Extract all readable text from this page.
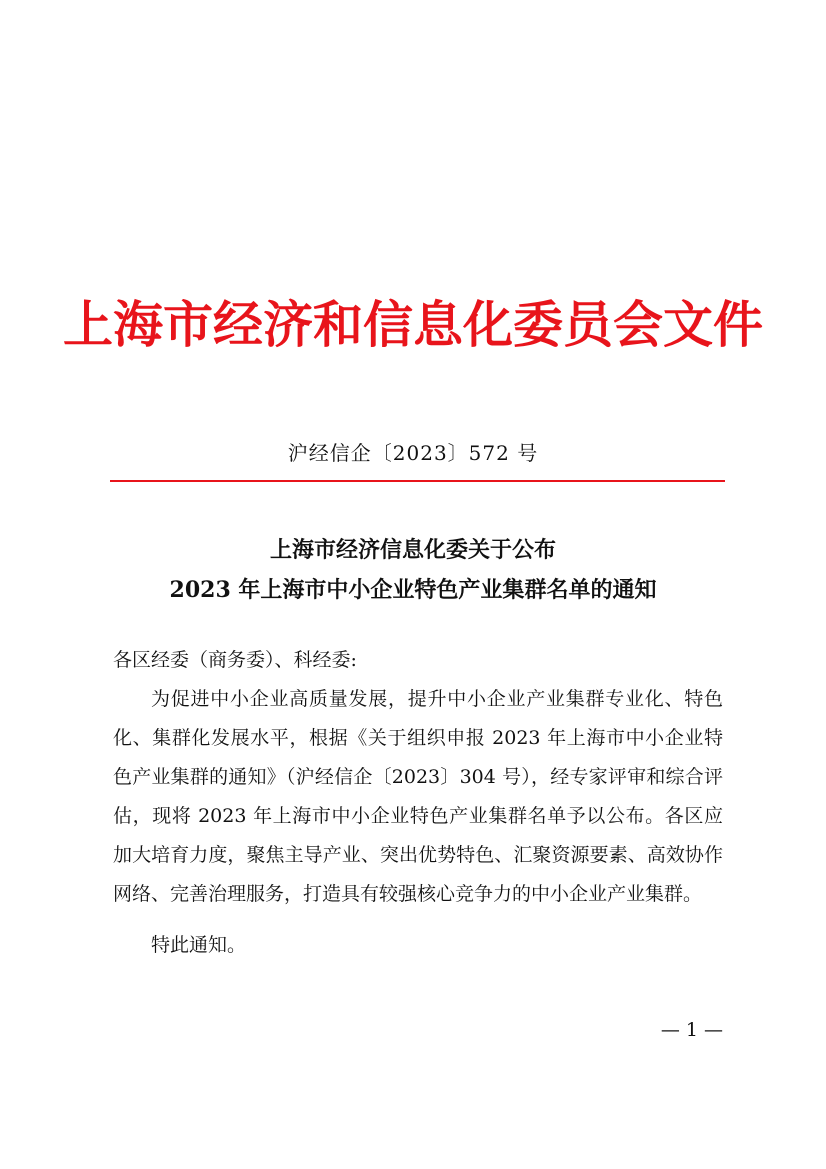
上海市经济和信息化委员会文件
沪经信企〔2023〕572 号
上海市经济信息化委关于公布
2023 年上海市中小企业特色产业集群名单的通知
各区经委（商务委）、科经委:
为促进中小企业高质量发展，提升中小企业产业集群专业化、特色化、集群化发展水平，根据《关于组织申报 2023 年上海市中小企业特色产业集群的通知》（沪经信企〔2023〕304 号），经专家评审和综合评估，现将 2023 年上海市中小企业特色产业集群名单予以公布。各区应加大培育力度，聚焦主导产业、突出优势特色、汇聚资源要素、高效协作网络、完善治理服务，打造具有较强核心竞争力的中小企业产业集群。
特此通知。
— 1 —
